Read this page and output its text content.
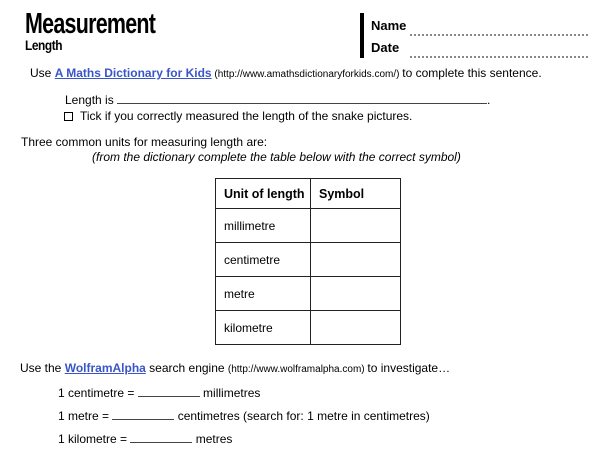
Measurement
Length
Name
Date
Use A Maths Dictionary for Kids (http://www.amathsdictionaryforkids.com/) to complete this sentence.
Length is	.
Tick if you correctly measured the length of the snake pictures.
Three common units for measuring length are:
(from the dictionary complete the table below with the correct symbol)
Unit of length	Symbol
millimetre	
centimetre	
metre	
kilometre	
Use the WolframAlpha search engine (http://www.wolframalpha.com) to investigate…
1 centimetre =	millimetres
1 metre =	centimetres (search for: 1 metre in centimetres)
1 kilometre =	metres
